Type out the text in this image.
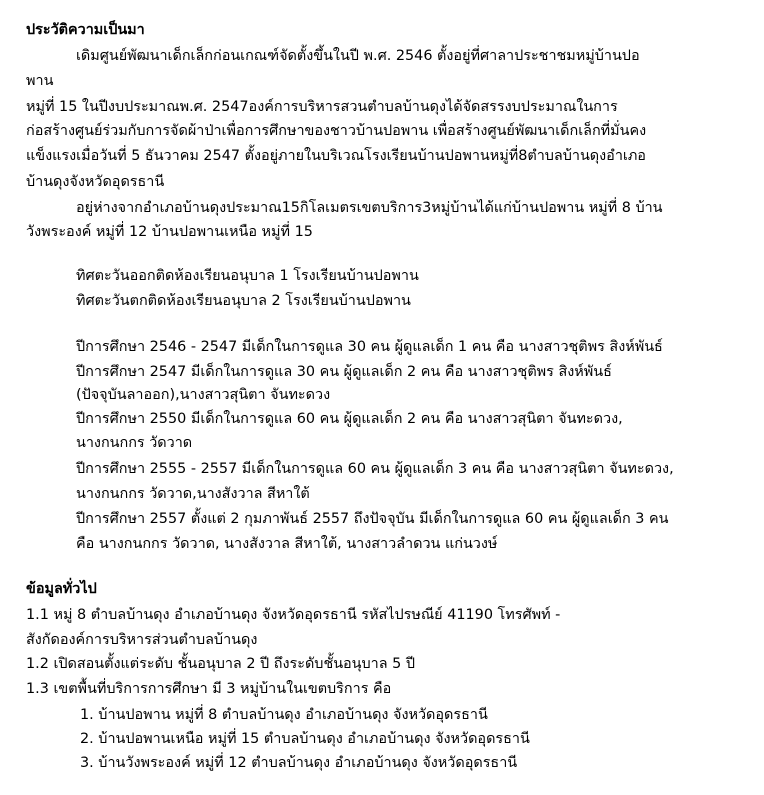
ประวัติความเป็นมา
เดิมศูนย์พัฒนาเด็กเล็กก่อนเกณฑ์จัดตั้งขึ้นในปี พ.ศ. 2546 ตั้งอยู่ที่ศาลาประชาชมหมู่บ้านปอ
พาน
หมู่ที่ 15 ในปีงบประมาณพ.ศ. 2547องค์การบริหารสวนตำบลบ้านดุงได้จัดสรรงบประมาณในการ
ก่อสร้างศูนย์ร่วมกับการจัดผ้าป่าเพื่อการศึกษาของชาวบ้านปอพาน เพื่อสร้างศูนย์พัฒนาเด็กเล็กที่มั่นคง
แข็งแรงเมื่อวันที่ 5 ธันวาคม 2547 ตั้งอยู่ภายในบริเวณโรงเรียนบ้านปอพานหมู่ที่8ตำบลบ้านดุงอำเภอ
บ้านดุงจังหวัดอุดรธานี
อยู่ห่างจากอำเภอบ้านดุงประมาณ15กิโลเมตรเขตบริการ3หมู่บ้านได้แก่บ้านปอพาน หมู่ที่ 8 บ้าน
วังพระองค์ หมู่ที่ 12 บ้านปอพานเหนือ หมู่ที่ 15
ทิศตะวันออกติดห้องเรียนอนุบาล 1 โรงเรียนบ้านปอพาน
ทิศตะวันตกติดห้องเรียนอนุบาล 2 โรงเรียนบ้านปอพาน
ปีการศึกษา 2546 - 2547 มีเด็กในการดูแล 30 คน ผู้ดูแลเด็ก 1 คน คือ นางสาวชุติพร สิงห์พันธ์
ปีการศึกษา 2547 มีเด็กในการดูแล 30 คน ผู้ดูแลเด็ก 2 คน คือ นางสาวชุติพร สิงห์พันธ์
(ปัจจุบันลาออก),นางสาวสุนิตา จันทะดวง
ปีการศึกษา 2550 มีเด็กในการดูแล 60 คน ผู้ดูแลเด็ก 2 คน คือ นางสาวสุนิตา จันทะดวง,
นางกนกกร วัดวาด
ปีการศึกษา 2555 - 2557 มีเด็กในการดูแล 60 คน ผู้ดูแลเด็ก 3 คน คือ นางสาวสุนิตา จันทะดวง,
นางกนกกร วัดวาด,นางสังวาล สีหาใต้
ปีการศึกษา 2557 ตั้งแต่ 2 กุมภาพันธ์ 2557 ถึงปัจจุบัน มีเด็กในการดูแล 60 คน ผู้ดูแลเด็ก 3 คน
คือ นางกนกกร วัดวาด, นางสังวาล สีหาใต้, นางสาวลำดวน แก่นวงษ์
ข้อมูลทั่วไป
1.1 หมู่ 8 ตำบลบ้านดุง อำเภอบ้านดุง จังหวัดอุดรธานี รหัสไปรษณีย์ 41190 โทรศัพท์ -
สังกัดองค์การบริหารส่วนตำบลบ้านดุง
1.2 เปิดสอนตั้งแต่ระดับ ชั้นอนุบาล 2 ปี ถึงระดับชั้นอนุบาล 5 ปี
1.3 เขตพื้นที่บริการการศึกษา มี 3 หมู่บ้านในเขตบริการ คือ
1. บ้านปอพาน หมู่ที่ 8 ตำบลบ้านดุง อำเภอบ้านดุง จังหวัดอุดรธานี
2. บ้านปอพานเหนือ หมู่ที่ 15 ตำบลบ้านดุง อำเภอบ้านดุง จังหวัดอุดรธานี
3. บ้านวังพระองค์ หมู่ที่ 12 ตำบลบ้านดุง อำเภอบ้านดุง จังหวัดอุดรธานี
